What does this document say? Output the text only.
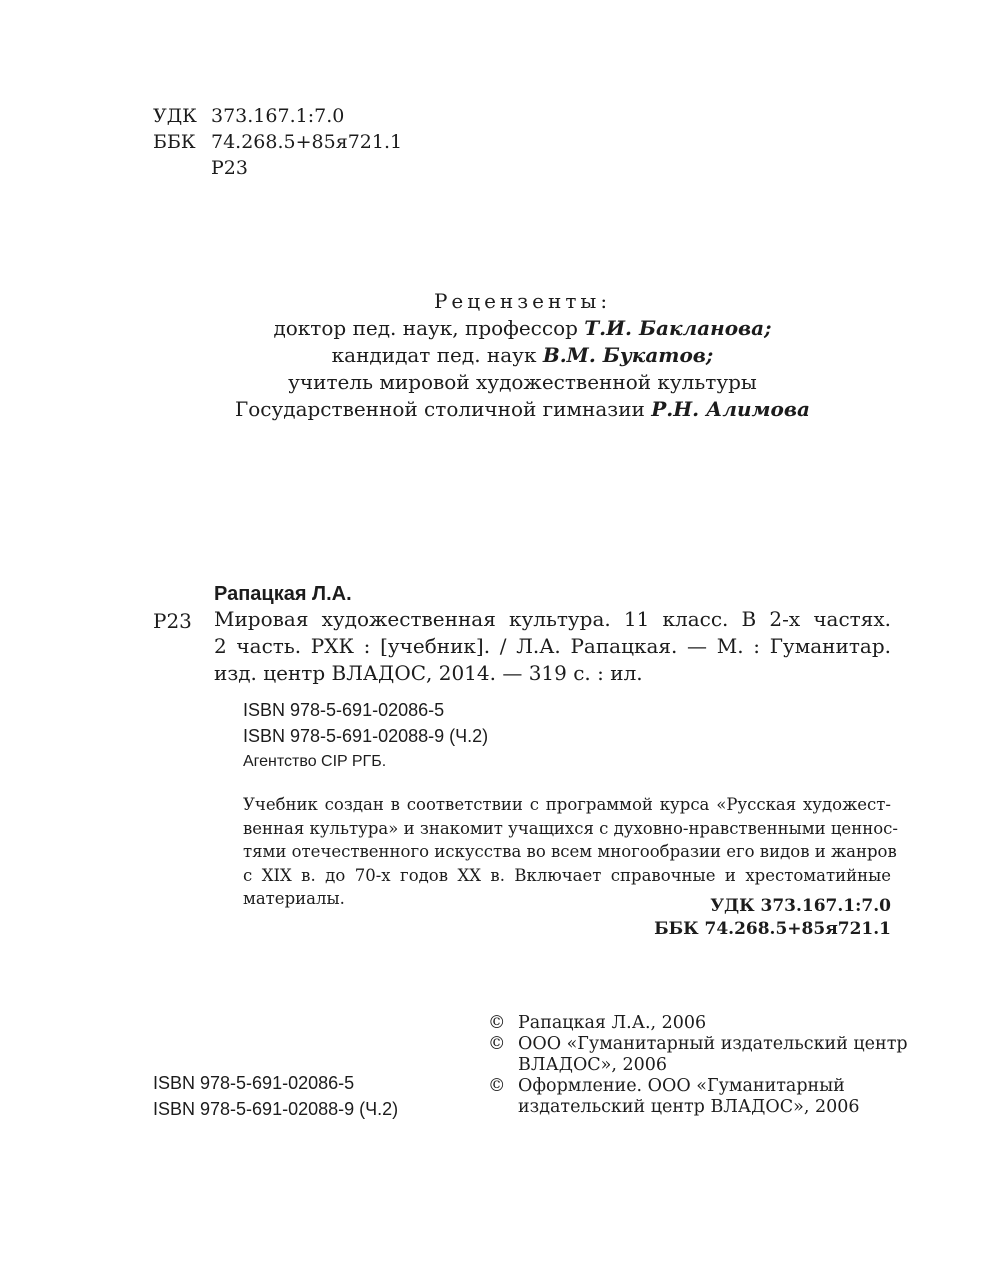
УДК 373.167.1:7.0
ББК 74.268.5+85я721.1
Р23
Рецензенты:
доктор пед. наук, профессор Т.И. Бакланова;
кандидат пед. наук В.М. Букатов;
учитель мировой художественной культуры
Государственной столичной гимназии Р.Н. Алимова

Рапацкая Л.А.

Р23 Мировая художественная культура. 11 класс. В 2-х частях.
2 часть. РХК : [учебник]. / Л.А. Рапацкая. — М. : Гуманитар.
изд. центр ВЛАДОС, 2014. — 319 с. : ил.
ISBN 978-5-691-02086-5
ISBN 978-5-691-02088-9 (Ч.2)
Агентство CIP РГБ.
Учебник создан в соответствии с программой курса «Русская художест-
венная культура» и знакомит учащихся с духовно-нравственными ценнос-
тями отечественного искусства во всем многообразии его видов и жанров
с XIX в. до 70-х годов XX в. Включает справочные и хрестоматийные
материалы.	УДК 373.167.1:7.0
ББК 74.268.5+85я721.1
© Рапацкая Л.А., 2006
© ООО «Гуманитарный издательский центр
ВЛАДОС», 2006
© Оформление. ООО «Гуманитарный
издательский центр ВЛАДОС», 2006
ISBN 978-5-691-02086-5
ISBN 978-5-691-02088-9 (Ч.2)
